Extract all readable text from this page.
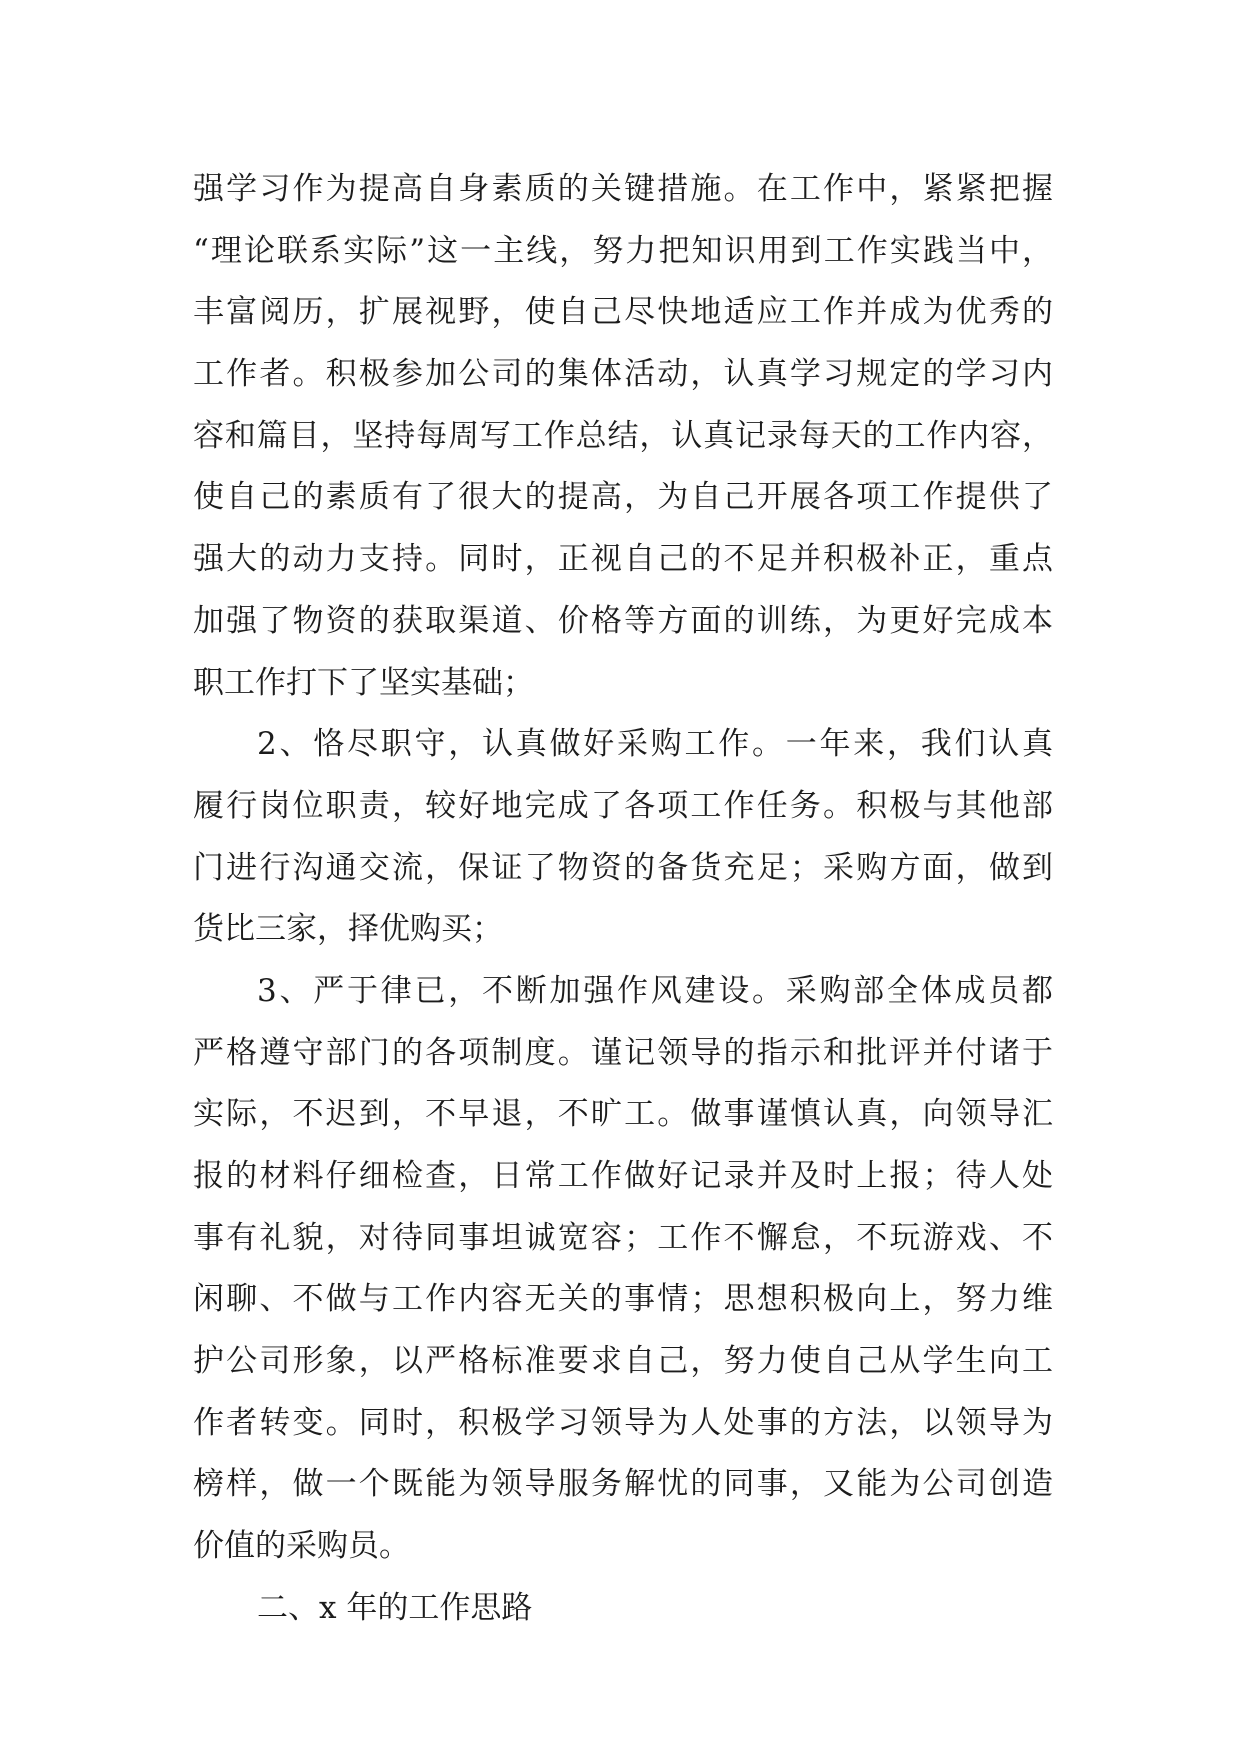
强学习作为提高自身素质的关键措施。在工作中，紧紧把握
“理论联系实际”这一主线，努力把知识用到工作实践当中，
丰富阅历，扩展视野，使自己尽快地适应工作并成为优秀的
工作者。积极参加公司的集体活动，认真学习规定的学习内
容和篇目，坚持每周写工作总结，认真记录每天的工作内容，
使自己的素质有了很大的提高，为自己开展各项工作提供了
强大的动力支持。同时，正视自己的不足并积极补正，重点
加强了物资的获取渠道、价格等方面的训练，为更好完成本
职工作打下了坚实基础；
2、恪尽职守，认真做好采购工作。一年来，我们认真
履行岗位职责，较好地完成了各项工作任务。积极与其他部
门进行沟通交流，保证了物资的备货充足；采购方面，做到
货比三家，择优购买；
3、严于律已，不断加强作风建设。采购部全体成员都
严格遵守部门的各项制度。谨记领导的指示和批评并付诸于
实际，不迟到，不早退，不旷工。做事谨慎认真，向领导汇
报的材料仔细检查，日常工作做好记录并及时上报；待人处
事有礼貌，对待同事坦诚宽容；工作不懈怠，不玩游戏、不
闲聊、不做与工作内容无关的事情；思想积极向上，努力维
护公司形象，以严格标准要求自己，努力使自己从学生向工
作者转变。同时，积极学习领导为人处事的方法，以领导为
榜样，做一个既能为领导服务解忧的同事，又能为公司创造
价值的采购员。
二、x 年的工作思路
